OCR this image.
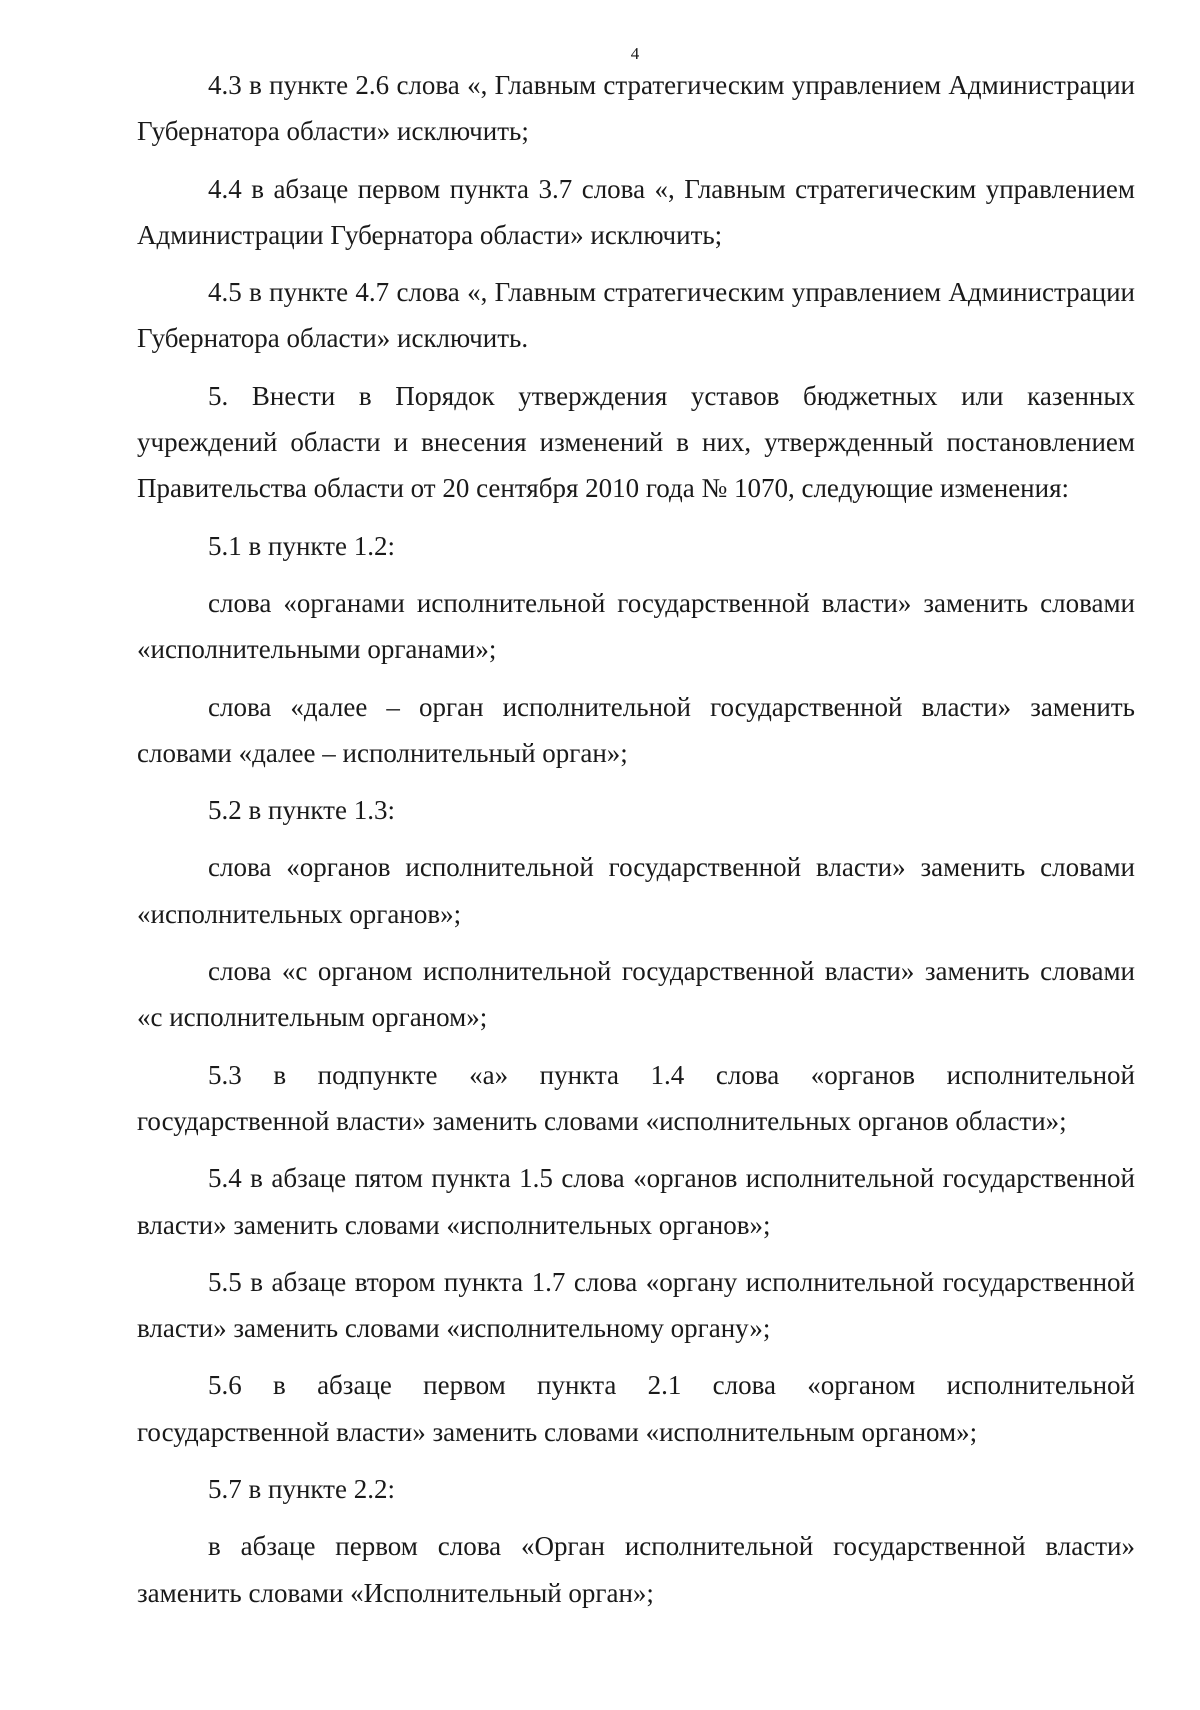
4

4.3 в пункте 2.6 слова «, Главным стратегическим управлением Администрации Губернатора области» исключить;

4.4 в абзаце первом пункта 3.7 слова «, Главным стратегическим управлением Администрации Губернатора области» исключить;

4.5 в пункте 4.7 слова «, Главным стратегическим управлением Администрации Губернатора области» исключить.

5. Внести в Порядок утверждения уставов бюджетных или казенных учреждений области и внесения изменений в них, утвержденный постановлением Правительства области от 20 сентября 2010 года № 1070, следующие изменения:

5.1 в пункте 1.2:

слова «органами исполнительной государственной власти» заменить словами «исполнительными органами»;

слова «далее – орган исполнительной государственной власти» заменить словами «далее – исполнительный орган»;

5.2 в пункте 1.3:

слова «органов исполнительной государственной власти» заменить словами «исполнительных органов»;

слова «с органом исполнительной государственной власти» заменить словами «с исполнительным органом»;

5.3 в подпункте «а» пункта 1.4 слова «органов исполнительной государственной власти» заменить словами «исполнительных органов области»;

5.4 в абзаце пятом пункта 1.5 слова «органов исполнительной государственной власти» заменить словами «исполнительных органов»;

5.5 в абзаце втором пункта 1.7 слова «органу исполнительной государственной власти» заменить словами «исполнительному органу»;

5.6 в абзаце первом пункта 2.1 слова «органом исполнительной государственной власти» заменить словами «исполнительным органом»;

5.7 в пункте 2.2:

в абзаце первом слова «Орган исполнительной государственной власти» заменить словами «Исполнительный орган»;
